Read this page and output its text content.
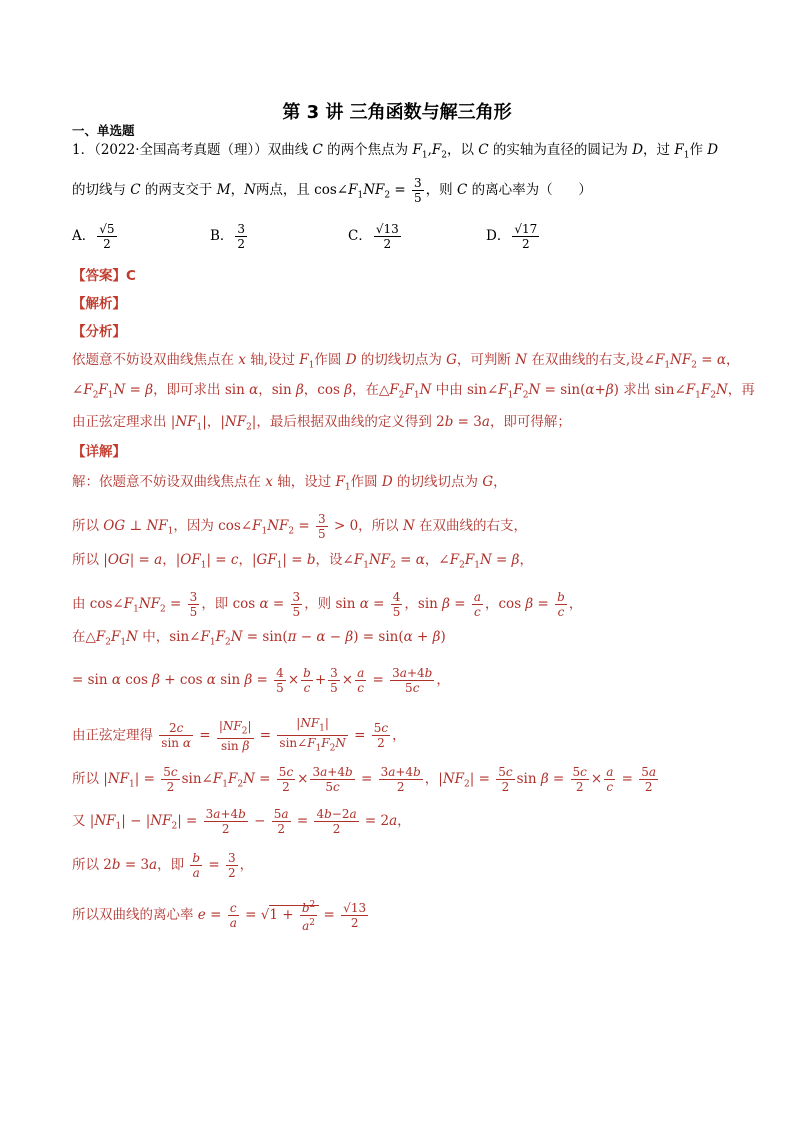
第 3 讲 三角函数与解三角形
一、单选题
1．（2022·全国高考真题（理））双曲线 C 的两个焦点为 $F_1,F_2$，以 C 的实轴为直径的圆记为 D，过 $F_1$作 D
的切线与 C 的两支交于 M，N两点，且 $\cos\angle F_1NF_2 = \frac{3}{5}$ ，则 C 的离心率为（      ）
A． $\frac{√5}{2}$	B． $\frac{3}{2}$	C． $\frac{√13}{2}$	D． $\frac{√17}{2}$
【答案】C
【解析】
【分析】
依题意不妨设双曲线焦点在 x 轴,设过 $F_1$作圆 D 的切线切点为 G，可判断 N 在双曲线的右支,设$\angle F_1NF_2 = \alpha$，
$\angle F_2F_1N = \beta$，即可求出 sin α，sin β，cos β，在$\triangle F_2F_1N$ 中由 $\sin\angle F_1F_2N = \sin(\alpha+\beta)$ 求出 $\sin\angle F_1F_2N$，再
由正弦定理求出 $|NF_1|$，$|NF_2|$，最后根据双曲线的定义得到 2b = 3a，即可得解；
【详解】
解：依题意不妨设双曲线焦点在 x 轴，设过 $F_1$作圆 D 的切线切点为 G，
所以 OG ⊥ $NF_1$，因为 $\cos\angle F_1NF_2 = \frac{3}{5} > 0$，所以 N 在双曲线的右支，
所以 |OG| = a，$|OF_1| = c$，$|GF_1| = b$，设$\angle F_1NF_2 = \alpha$，$\angle F_2F_1N = \beta$，
由 $\cos\angle F_1NF_2 = \frac{3}{5}$ ，即 $\cos \alpha = \frac{3}{5}$ ，则 $\sin \alpha = \frac{4}{5}$ ，$\sin \beta = \frac{a}{c}$ ，$\cos \beta = \frac{b}{c}$ ，
在$\triangle F_2F_1N$ 中，$\sin\angle F_1F_2N = \sin(\pi - \alpha - \beta) = \sin(\alpha + \beta)$
= sin α cos β + cos α $\sin \beta = \frac{4}{5} \times \frac{b}{c} + \frac{3}{5} \times \frac{a}{c} = \frac{3a+4b}{5c}$ ，
由正弦定理得 $\frac{2c}{\text{sin α}} = \frac{|NF_2|}{\text{sin β}} = \frac{|NF_1|}{\sin\angle F_1F_2N} = \frac{5c}{2}$ ，
所以 $|NF_1| = \frac{5c}{2}$ $\sin\angle F_1F_2N = \frac{5c}{2} \times \frac{3a+4b}{5c} = \frac{3a+4b}{2}$ ，$|NF_2| = \frac{5c}{2}$ $\sin \beta = \frac{5c}{2} \times \frac{a}{c} = \frac{5a}{2}$
又 $|NF_1| - |NF_2| = \frac{3a+4b}{2} - \frac{5a}{2} = \frac{4b-2a}{2} = 2a$，
所以 2b = 3a，即 $\frac{b}{a} = \frac{3}{2}$ ，
所以双曲线的离心率 $e = \frac{c}{a} = √1 + \frac{b^2}{a^2} = \frac{√13}{2}$
